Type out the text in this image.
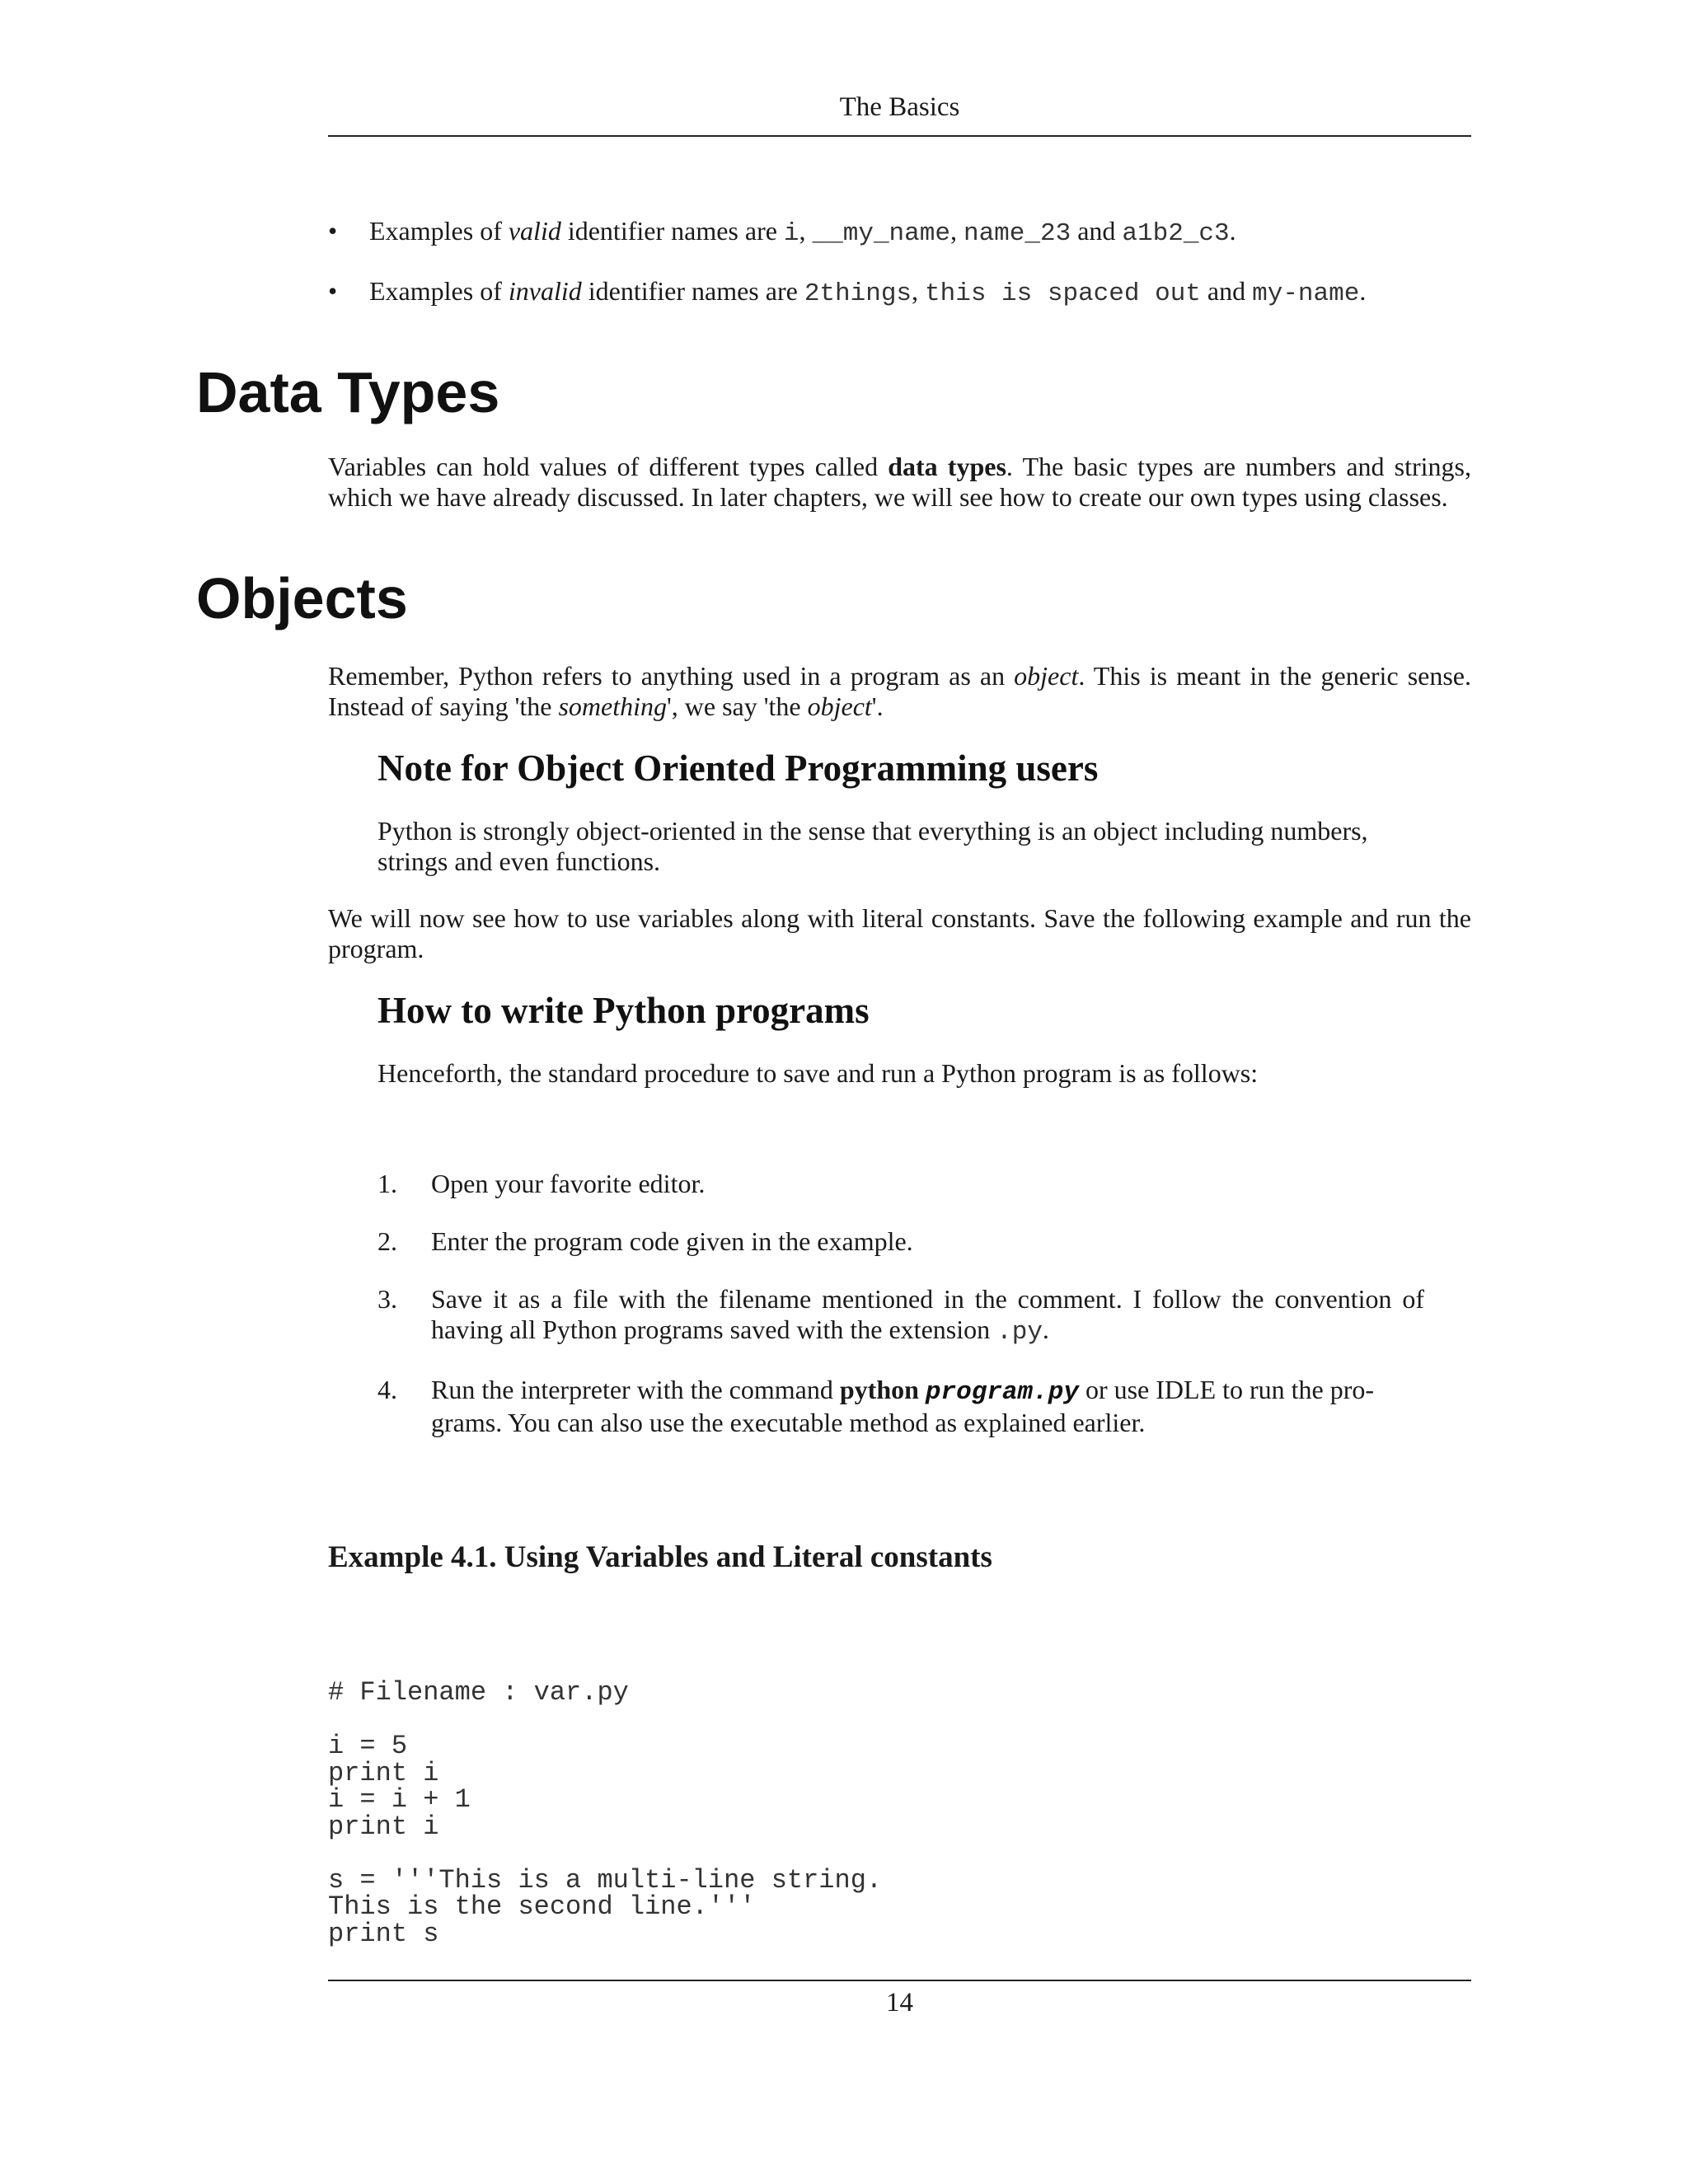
The Basics
• Examples of valid identifier names are i, __my_name, name_23 and a1b2_c3.
• Examples of invalid identifier names are 2things, this is spaced out and my-name.
Data Types

Variables can hold values of different types called data types. The basic types are numbers and strings, which we have already discussed. In later chapters, we will see how to create our own types using classes.

Objects

Remember, Python refers to anything used in a program as an object. This is meant in the generic sense. Instead of saying 'the something', we say 'the object'.

Note for Object Oriented Programming users

Python is strongly object-oriented in the sense that everything is an object including numbers, strings and even functions.

We will now see how to use variables along with literal constants. Save the following example and run the program.

How to write Python programs

Henceforth, the standard procedure to save and run a Python program is as follows:

1. Open your favorite editor.
2. Enter the program code given in the example.
3. Save it as a file with the filename mentioned in the comment. I follow the convention of having all Python programs saved with the extension .py.
4. Run the interpreter with the command python program.py or use IDLE to run the pro-
grams. You can also use the executable method as explained earlier.
Example 4.1. Using Variables and Literal constants
# Filename : var.py
i = 5
print i
i = i + 1
print i
s = '''This is a multi-line string.
This is the second line.'''
print s
14
